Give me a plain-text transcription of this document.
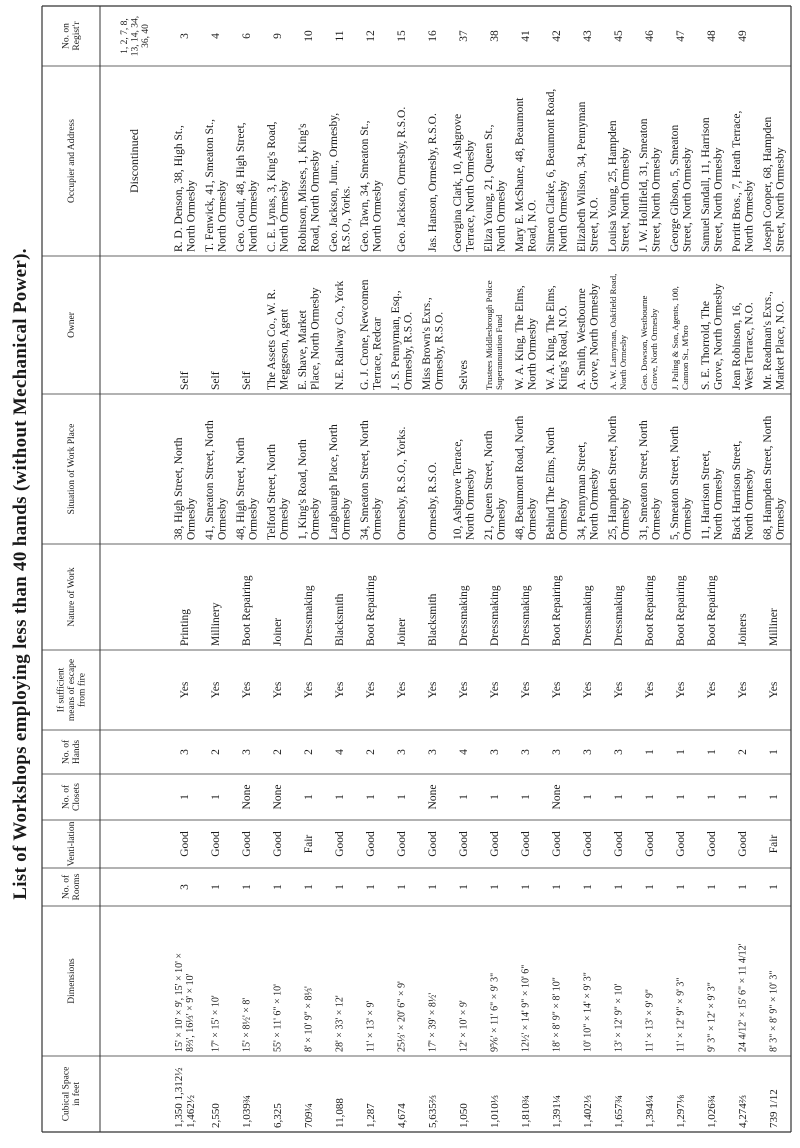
List of Workshops employing less than 40 hands (without Mechanical Power).
No. on Regist'r
Occupier and Address
Owner
Situation of Work Place
Nature of Work
If sufficient means of escape from fire
No. of Hands
No. of Closets
Venti-lation
No. of Rooms
Dimensions
Cubical Space in feet
1, 2, 7, 8, 13, 14, 34, 36, 40
Discontinued
3
R. D. Denson, 38, High St., North Ormesby
Self
38, High Street, North Ormesby
Printing
Yes
3
1
Good
3
15' × 10' × 9', 15' × 10' × 8⅔', 16⅓' × 9' × 10'
1,350 1,312½ 1,462½
4
T. Fenwick, 41, Smeaton St., North Ormesby
Self
41, Smeaton Street, North Ormesby
Millinery
Yes
2
1
Good
1
17' × 15' × 10'
2,550
6
Geo. Goult, 48, High Street, North Ormesby
Self
48, High Street, North Ormesby
Boot Repairing
Yes
3
None
Good
1
15' × 8½' × 8'
1,039¾
9
C. E. Lynas, 3, King's Road, North Ormesby
The Assets Co., W. R. Meggeson, Agent
Telford Street, North Ormesby
Joiner
Yes
2
None
Good
1
55' × 11' 6" × 10'
6,325
10
Robinson, Misses, 1, King's Road, North Ormesby
E. Shave, Market Place, North Ormesby
1, King's Road, North Ormesby
Dressmaking
Yes
2
1
Fair
1
8' × 10' 9" × 8⅓'
709¼
11
Geo. Jackson, Junr., Ormesby, R.S.O., Yorks.
N.E. Railway Co., York
Langbaurgh Place, North Ormesby
Blacksmith
Yes
4
1
Good
1
28' × 33' × 12'
11,088
12
Geo. Tawn, 34, Smeaton St., North Ormesby
G. J. Crone, Newcomen Terrace, Redcar
34, Smeaton Street, North Ormesby
Boot Repairing
Yes
2
1
Good
1
11' × 13' × 9'
1,287
15
Geo. Jackson, Ormesby, R.S.O.
J. S. Pennyman, Esq., Ormesby, R.S.O.
Ormesby, R.S.O., Yorks.
Joiner
Yes
3
1
Good
1
25⅓' × 20' 6" × 9'
4,674
16
Jas. Hanson, Ormesby, R.S.O.
Miss Brown's Exrs., Ormesby, R.S.O.
Ormesby, R.S.O.
Blacksmith
Yes
3
None
Good
1
17' × 39' × 8½'
5,635⅔
37
Georgina Clark, 10, Ashgrove Terrace, North Ormesby
Selves
10, Ashgrove Terrace, North Ormesby
Dressmaking
Yes
4
1
Good
1
12' × 10' × 9'
1,050
38
Eliza Young, 21, Queen St., North Ormesby
Trustees Middlesbrough Police Superannuation Fund
21, Queen Street, North Ormesby
Dressmaking
Yes
3
1
Good
1
9⅚' × 11' 6" × 9' 3"
1,010⅓
41
Mary E. McShane, 48, Beaumont Road, N.O.
W. A. King, The Elms, North Ormesby
48, Beaumont Road, North Ormesby
Dressmaking
Yes
3
1
Good
1
12½' × 14' 9" × 10' 6"
1,810¾
42
Simeon Clarke, 6, Beaumont Road, North Ormesby
W. A. King, The Elms, King's Road, N.O.
Behind The Elms, North Ormesby
Boot Repairing
Yes
3
None
Good
1
18' × 8' 9" × 8' 10"
1,391¼
43
Elizabeth Wilson, 34, Pennyman Street, N.O.
A. Smith, Westbourne Grove, North Ormesby
34, Pennyman Street, North Ormesby
Dressmaking
Yes
3
1
Good
1
10' 10" × 14' × 9' 3"
1,402⅓
45
Louisa Young, 25, Hampden Street, North Ormesby
A. W. Lamyman, Oakfield Road, North Ormesby
25, Hampden Street, North Ormesby
Dressmaking
Yes
3
1
Good
1
13' × 12' 9" × 10'
1,657¾
46
J. W. Hollifield, 31, Smeaton Street, North Ormesby
Geo. Dowson, Westbourne Grove, North Ormesby
31, Smeaton Street, North Ormesby
Boot Repairing
Yes
1
1
Good
1
11' × 13' × 9' 9"
1,394¼
47
George Gibson, 5, Smeaton Street, North Ormesby
J. Paling & Son, Agents, 100, Cannon St., M'bro
5, Smeaton Street, North Ormesby
Boot Repairing
Yes
1
1
Good
1
11' × 12' 9" × 9' 3"
1,297⅛
48
Samuel Sandall, 11, Harrison Street, North Ormesby
S. E. Thorrold, The Grove, North Ormesby
11, Harrison Street, North Ormesby
Boot Repairing
Yes
1
1
Good
1
9' 3" × 12' × 9' 3"
1,026¾
49
Porritt Bros., 7, Heath Terrace, North Ormesby
Jean Robinson, 16, West Terrace, N.O.
Back Harrison Street, North Ormesby
Joiners
Yes
2
1
Good
1
24 4/12' × 15' 6" × 11 4/12'
4,274⅔
Joseph Cooper, 68, Hampden Street, North Ormesby
Mr. Readman's Exrs., Market Place, N.O.
68, Hampden Street, North Ormesby
Milliner
Yes
1
1
Fair
1
8' 3" × 8' 9" × 10' 3"
739 1/12
